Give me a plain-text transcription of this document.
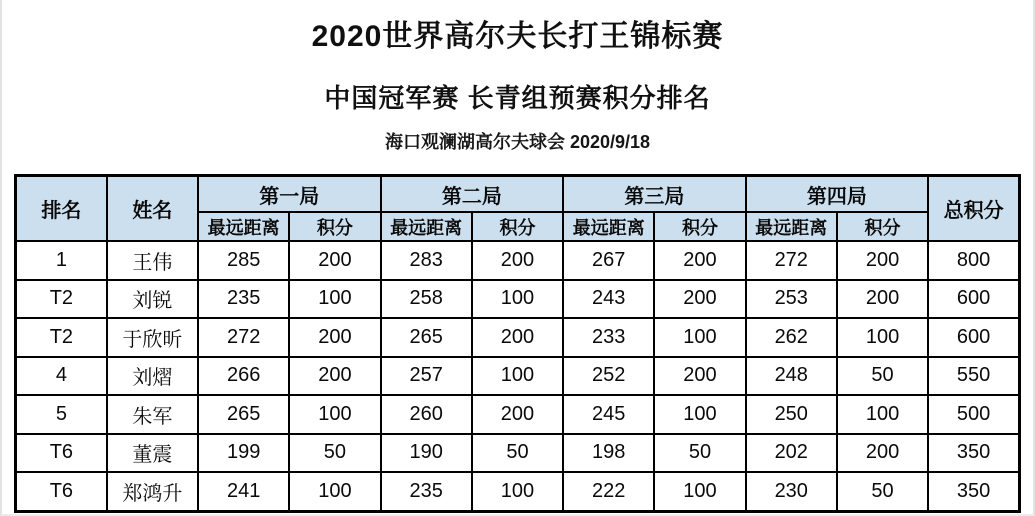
2020世界高尔夫长打王锦标赛
中国冠军赛 长青组预赛积分排名
海口观澜湖高尔夫球会 2020/9/18
排名	姓名	第一局		第二局		第三局		第四局		总积分
		最远距离	积分	最远距离	积分	最远距离	积分	最远距离	积分	
1	王伟	285	200	283	200	267	200	272	200	800
T2	刘锐	235	100	258	100	243	200	253	200	600
T2	于欣昕	272	200	265	200	233	100	262	100	600
4	刘熠	266	200	257	100	252	200	248	50	550
5	朱军	265	100	260	200	245	100	250	100	500
T6	董震	199	50	190	50	198	50	202	200	350
T6	郑鸿升	241	100	235	100	222	100	230	50	350
